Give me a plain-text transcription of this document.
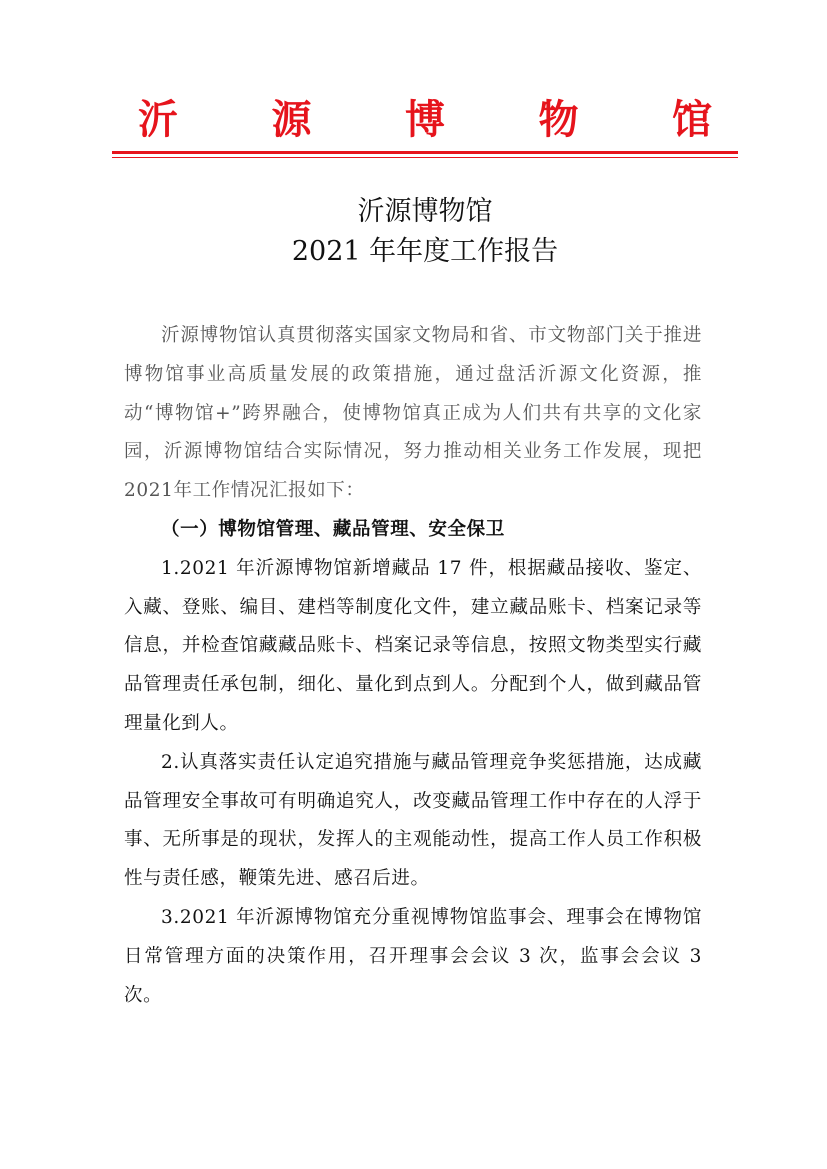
沂 源 博 物 馆
沂源博物馆
2021 年年度工作报告

沂源博物馆认真贯彻落实国家文物局和省、市文物部门关于推进博物馆事业高质量发展的政策措施，通过盘活沂源文化资源，推动“博物馆+”跨界融合，使博物馆真正成为人们共有共享的文化家园，沂源博物馆结合实际情况，努力推动相关业务工作发展，现把2021年工作情况汇报如下：

（一）博物馆管理、藏品管理、安全保卫

1.2021 年沂源博物馆新增藏品 17 件，根据藏品接收、鉴定、入藏、登账、编目、建档等制度化文件，建立藏品账卡、档案记录等信息，并检查馆藏藏品账卡、档案记录等信息，按照文物类型实行藏品管理责任承包制，细化、量化到点到人。分配到个人，做到藏品管理量化到人。

2.认真落实责任认定追究措施与藏品管理竞争奖惩措施，达成藏品管理安全事故可有明确追究人，改变藏品管理工作中存在的人浮于事、无所事是的现状，发挥人的主观能动性，提高工作人员工作积极性与责任感，鞭策先进、感召后进。

3.2021 年沂源博物馆充分重视博物馆监事会、理事会在博物馆日常管理方面的决策作用，召开理事会会议 3 次，监事会会议 3 次。
